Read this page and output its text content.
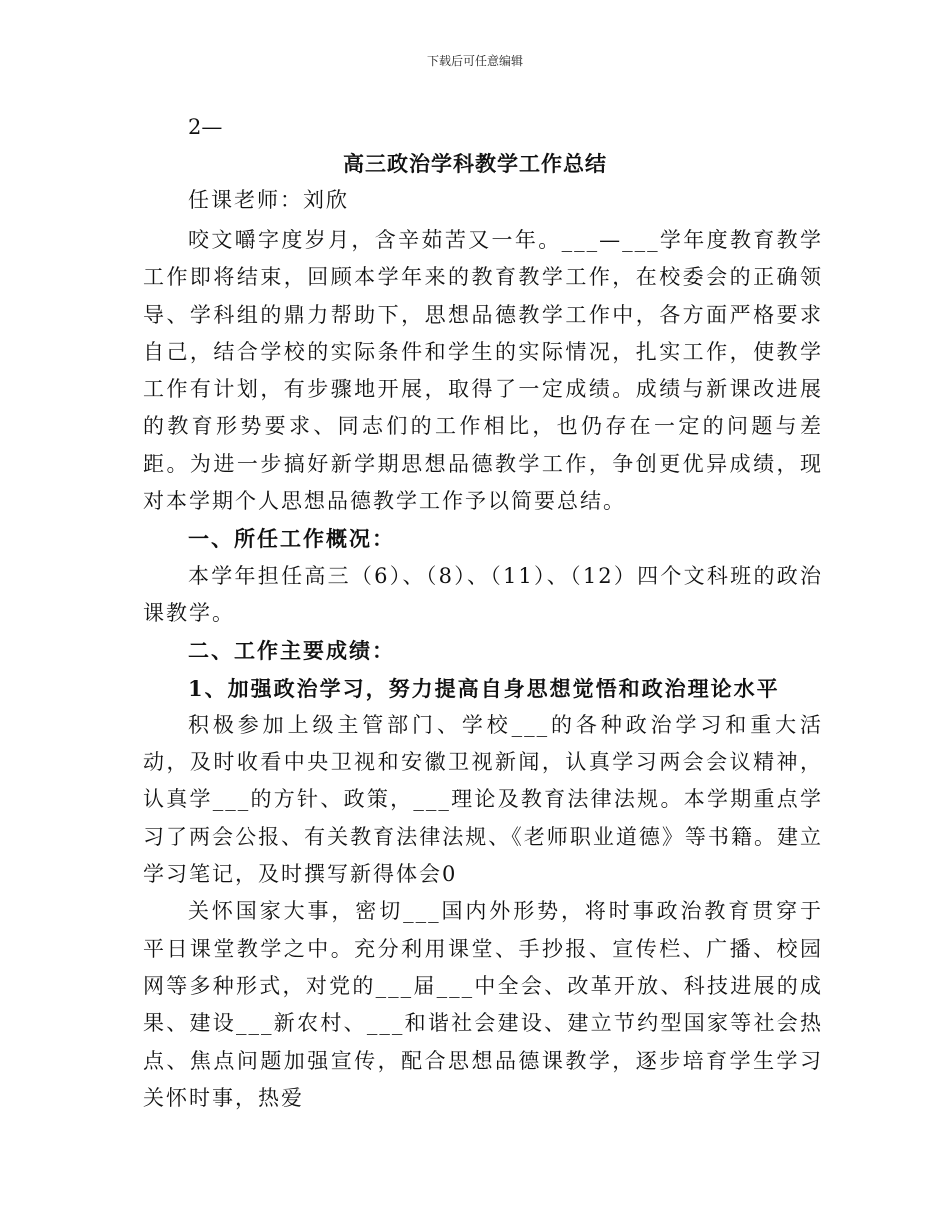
下载后可任意编辑
2—
高三政治学科教学工作总结
任课老师：刘欣

咬文嚼字度岁月，含辛茹苦又一年。___—___学年度教育教学工作即将结束，回顾本学年来的教育教学工作，在校委会的正确领导、学科组的鼎力帮助下，思想品德教学工作中，各方面严格要求自己，结合学校的实际条件和学生的实际情况，扎实工作，使教学工作有计划，有步骤地开展，取得了一定成绩。成绩与新课改进展的教育形势要求、同志们的工作相比，也仍存在一定的问题与差距。为进一步搞好新学期思想品德教学工作，争创更优异成绩，现对本学期个人思想品德教学工作予以简要总结。

一、所任工作概况：

本学年担任高三（6）、（8）、（11）、（12）四个文科班的政治课教学。

二、工作主要成绩：

1、加强政治学习，努力提高自身思想觉悟和政治理论水平

积极参加上级主管部门、学校___的各种政治学习和重大活动，及时收看中央卫视和安徽卫视新闻，认真学习两会会议精神，认真学___的方针、政策，___理论及教育法律法规。本学期重点学习了两会公报、有关教育法律法规、《老师职业道德》等书籍。建立学习笔记，及时撰写新得体会0

关怀国家大事，密切___国内外形势，将时事政治教育贯穿于平日课堂教学之中。充分利用课堂、手抄报、宣传栏、广播、校园网等多种形式，对党的___届___中全会、改革开放、科技进展的成果、建设___新农村、___和谐社会建设、建立节约型国家等社会热点、焦点问题加强宣传，配合思想品德课教学，逐步培育学生学习关怀时事，热爱
